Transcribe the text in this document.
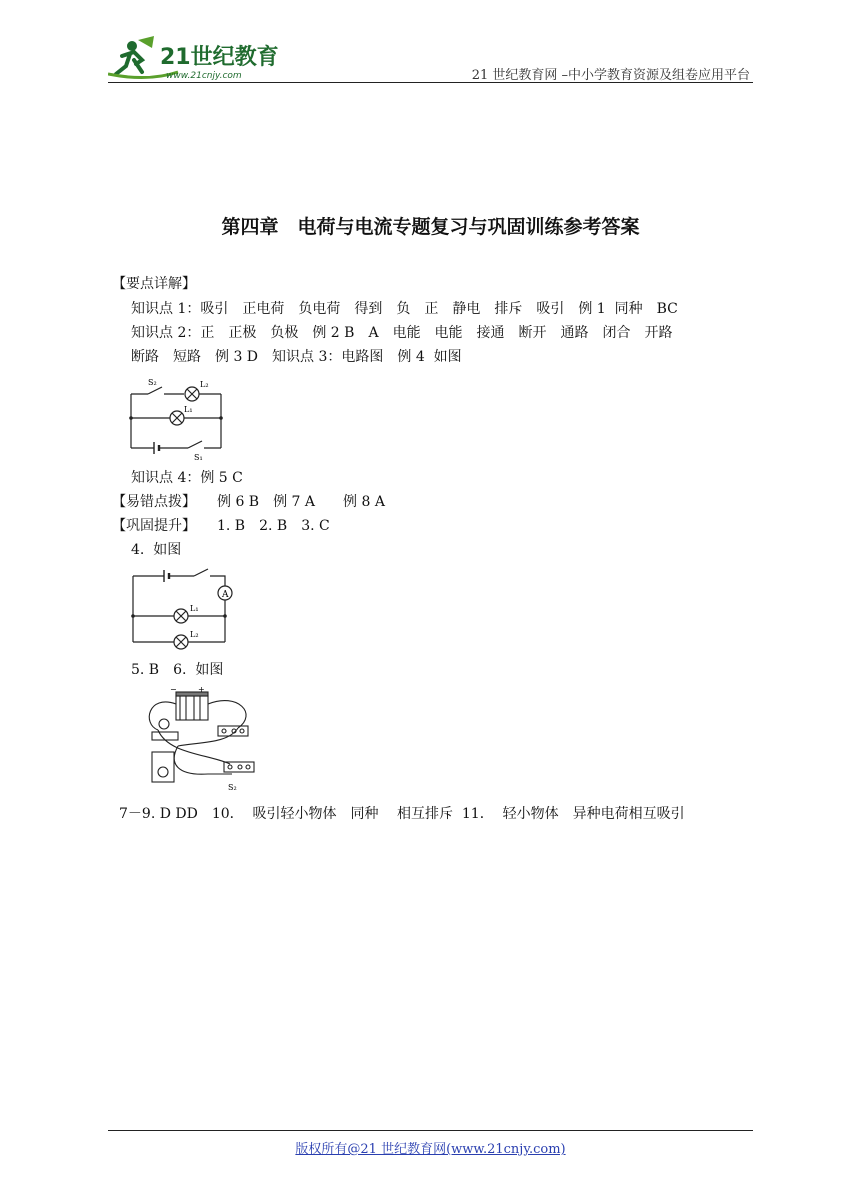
21世纪教育
www.21cnjy.com	21 世纪教育网 –中小学教育资源及组卷应用平台
第四章　电荷与电流专题复习与巩固训练参考答案
【要点详解】
知识点 1：吸引　正电荷　负电荷　得到　负　正　静电　排斥　吸引　例 1  同种　BC
知识点 2：正　正极　负极　例 2 B　A　电能　电能　接通　断开　通路　闭合　开路
断路　短路　例 3 D　知识点 3：电路图　例 4  如图
S₂	L₂
L₁
S₁
知识点 4：例 5 C
【易错点拨】　　例 6 B　例 7 A　　例 8 A
【巩固提升】　　1. B　2. B　3. C
4.  如图
A
L₁
L₂
5. B　6.  如图
−	+
S₂
7－9. D DD　10．  吸引轻小物体　同种　 相互排斥  11．  轻小物体　异种电荷相互吸引
版权所有@21 世纪教育网(www.21cnjy.com)
